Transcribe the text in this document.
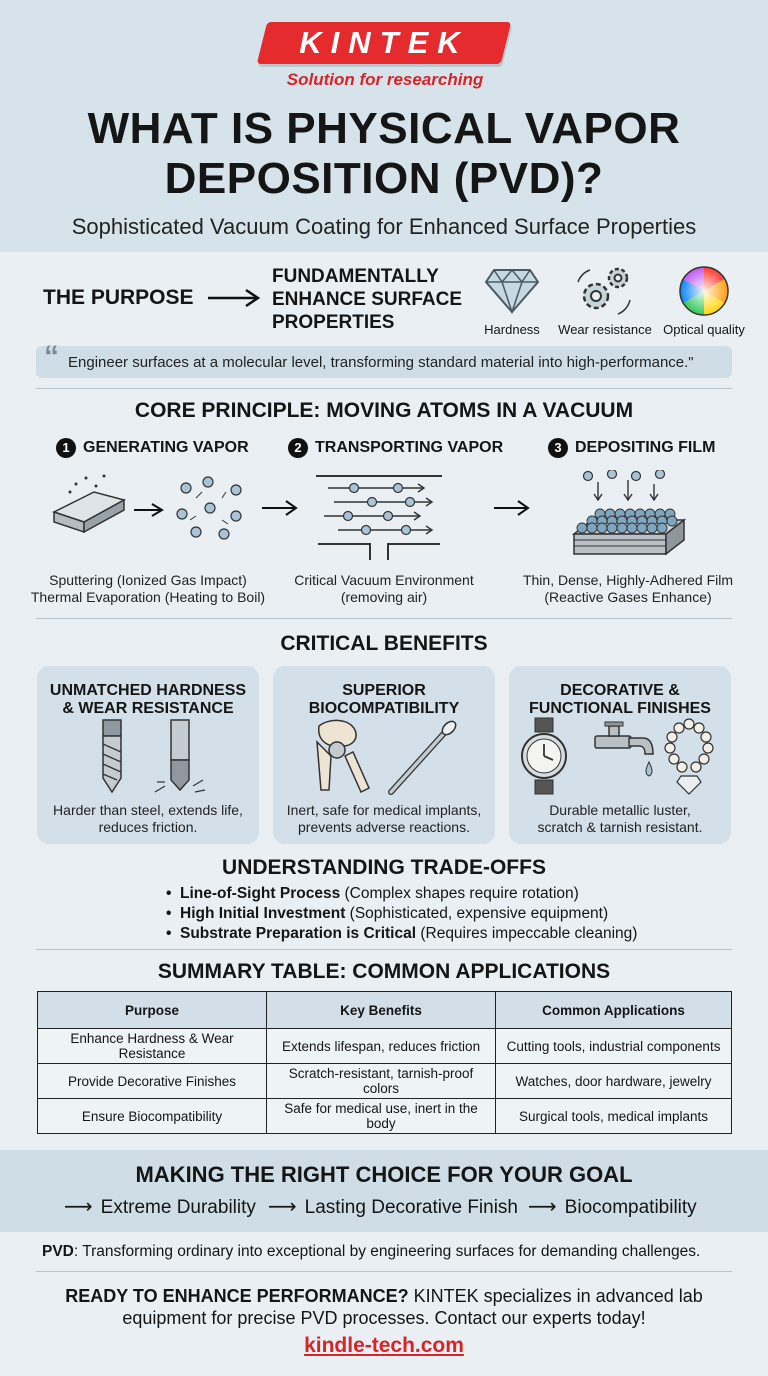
KINTEK
Solution for researching
WHAT IS PHYSICAL VAPOR DEPOSITION (PVD)?
Sophisticated Vacuum Coating for Enhanced Surface Properties
THE PURPOSE
FUNDAMENTALLY ENHANCE SURFACE PROPERTIES	Hardness	Wear resistance Optical quality
“ Engineer surfaces at a molecular level, transforming standard material into high-performance."
CORE PRINCIPLE: MOVING ATOMS IN A VACUUM
1 GENERATING VAPOR	2 TRANSPORTING VAPOR	3 DEPOSITING FILM
Sputtering (Ionized Gas Impact)
Thermal Evaporation (Heating to Boil)
Critical Vacuum Environment
(removing air)
Thin, Dense, Highly-Adhered Film
(Reactive Gases Enhance)
CRITICAL BENEFITS
UNMATCHED HARDNESS
& WEAR RESISTANCE
Harder than steel, extends life,
reduces friction.
SUPERIOR
BIOCOMPATIBILITY
Inert, safe for medical implants,
prevents adverse reactions.
DECORATIVE &
FUNCTIONAL FINISHES
Durable metallic luster,
scratch & tarnish resistant.
UNDERSTANDING TRADE-OFFS
• Line-of-Sight Process (Complex shapes require rotation)
• High Initial Investment (Sophisticated, expensive equipment)
• Substrate Preparation is Critical (Requires impeccable cleaning)
SUMMARY TABLE: COMMON APPLICATIONS
Purpose	Key Benefits	Common Applications
Enhance Hardness & Wear Resistance	Extends lifespan, reduces friction	Cutting tools, industrial components
Provide Decorative Finishes	Scratch-resistant, tarnish-proof colors	Watches, door hardware, jewelry
Ensure Biocompatibility	Safe for medical use, inert in the body	Surgical tools, medical implants
MAKING THE RIGHT CHOICE FOR YOUR GOAL
⟶ Extreme Durability ⟶ Lasting Decorative Finish ⟶ Biocompatibility
PVD: Transforming ordinary into exceptional by engineering surfaces for demanding challenges.
READY TO ENHANCE PERFORMANCE? KINTEK specializes in advanced lab equipment for precise PVD processes. Contact our experts today!
kindle-tech.com
